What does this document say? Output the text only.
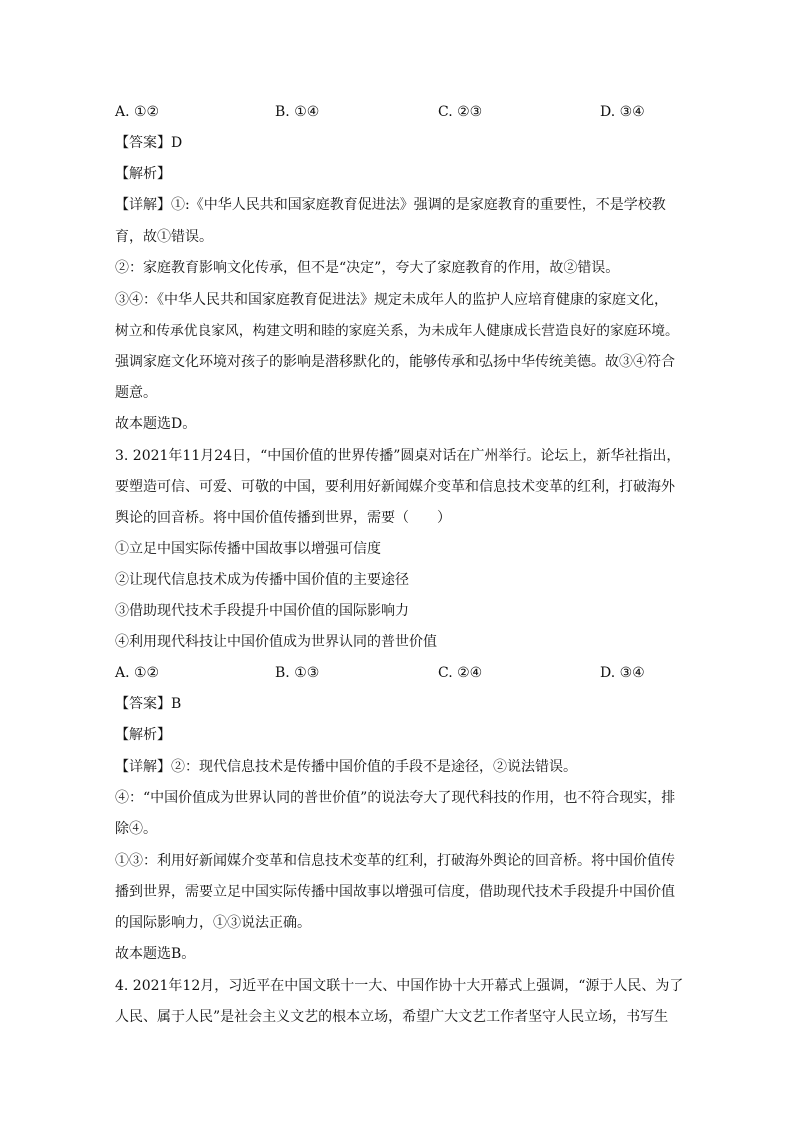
A. ①②	B. ①④	C. ②③	D. ③④
【答案】D
【解析】
【详解】①:《中华人民共和国家庭教育促进法》强调的是家庭教育的重要性，不是学校教
育，故①错误。
②：家庭教育影响文化传承，但不是“决定”，夸大了家庭教育的作用，故②错误。
③④：《中华人民共和国家庭教育促进法》规定未成年人的监护人应培育健康的家庭文化，
树立和传承优良家风，构建文明和睦的家庭关系，为未成年人健康成长营造良好的家庭环境。
强调家庭文化环境对孩子的影响是潜移默化的，能够传承和弘扬中华传统美德。故③④符合
题意。
故本题选D。
3. 2021年11月24日，“中国价值的世界传播”圆桌对话在广州举行。论坛上，新华社指出，
要塑造可信、可爱、可敬的中国，要利用好新闻媒介变革和信息技术变革的红利，打破海外
舆论的回音桥。将中国价值传播到世界，需要（　　）
①立足中国实际传播中国故事以增强可信度
②让现代信息技术成为传播中国价值的主要途径
③借助现代技术手段提升中国价值的国际影响力
④利用现代科技让中国价值成为世界认同的普世价值
A. ①②	B. ①③	C. ②④	D. ③④
【答案】B
【解析】
【详解】②：现代信息技术是传播中国价值的手段不是途径，②说法错误。
④：“中国价值成为世界认同的普世价值”的说法夸大了现代科技的作用，也不符合现实，排
除④。
①③：利用好新闻媒介变革和信息技术变革的红利，打破海外舆论的回音桥。将中国价值传
播到世界，需要立足中国实际传播中国故事以增强可信度，借助现代技术手段提升中国价值
的国际影响力，①③说法正确。
故本题选B。
4. 2021年12月，习近平在中国文联十一大、中国作协十大开幕式上强调，“源于人民、为了
人民、属于人民”是社会主义文艺的根本立场，希望广大文艺工作者坚守人民立场，书写生
